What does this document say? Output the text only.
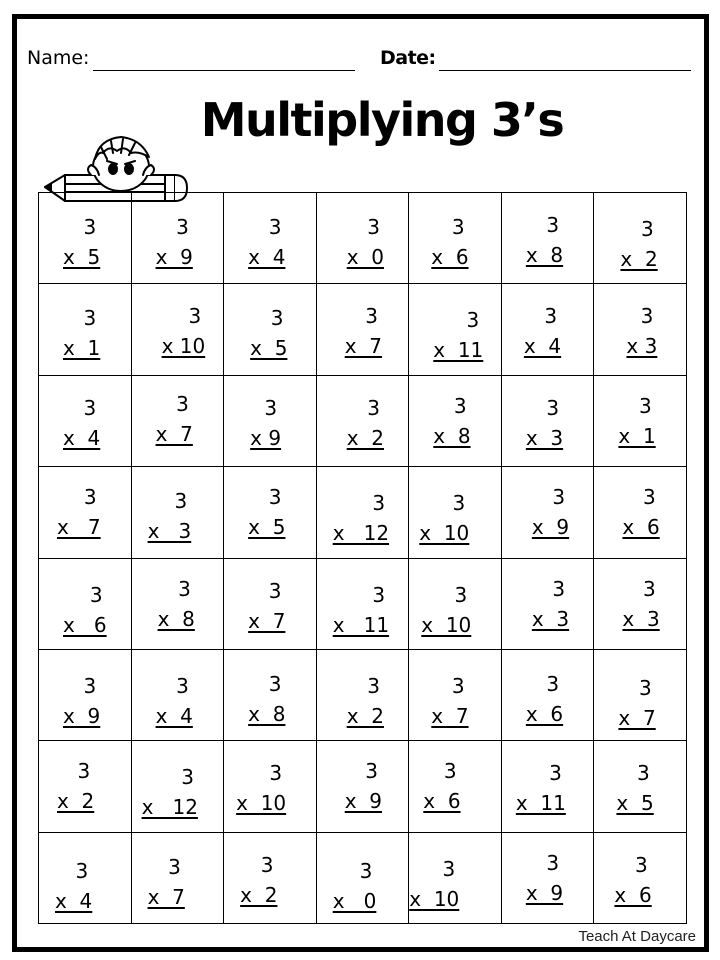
Name:	Date:
Multiplying 3’s
3
x  5
3
x  9
3
x  4
3
x  0
3
x  6
3
x  8
3
x  2
3
x  1
3
x 10
3
x  5
3
x  7
3
x  11
3
x  4
3
x 3
3
x  4
3
x  7
3
x 9
3
x  2
3
x  8
3
x  3
3
x  1
3
x   7
3
x   3
3
x  5
3
x   12
3
x  10
3
x  9
3
x  6
3
x   6
3
x  8
3
x  7
3
x   11
3
x  10
3
x  3
3
x  3
3
x  9
3
x  4
3
x  8
3
x  2
3
x  7
3
x  6
3
x  7
3
x  2
3
x   12
3
x  10
3
x  9
3
x  6
3
x  11
3
x  5
3
x  4
3
x  7
3
x  2
3
x   0
3
x  10
3
x  9
3
x  6
Teach At Daycare
